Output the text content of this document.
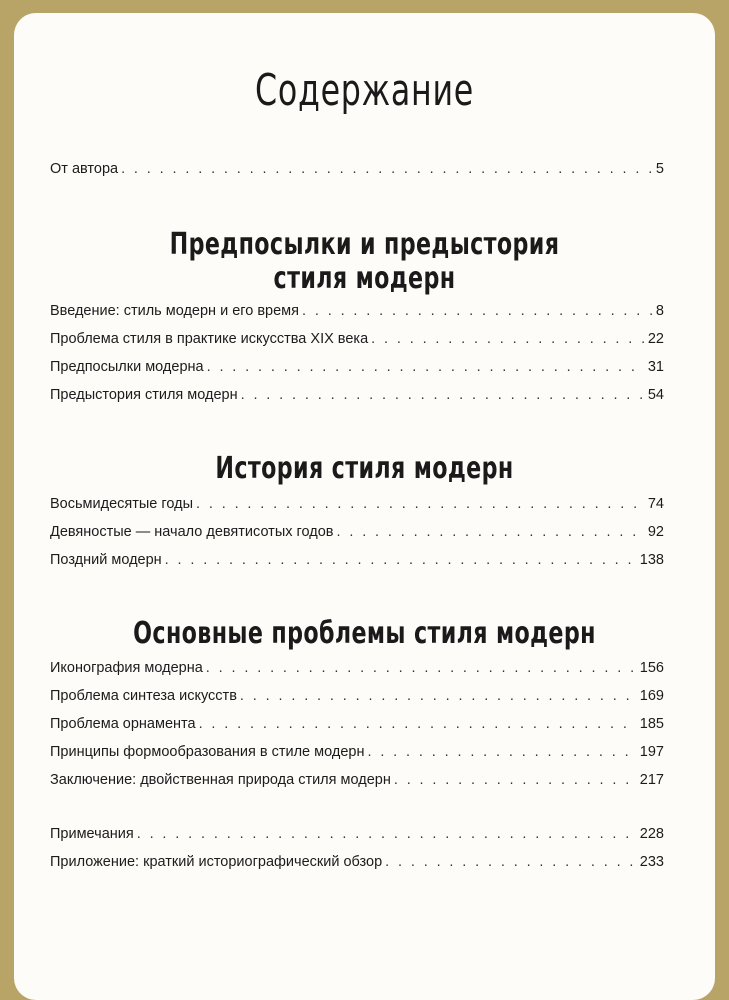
Содержание
От автора . . .	5
Предпосылки и предыстория
стиля модерн
Введение: стиль модерн и его время . . .	8
Проблема стиля в практике искусства XIX века . . .	22
Предпосылки модерна . . .	31
Предыстория стиля модерн . . .	54
История стиля модерн
Восьмидесятые годы . . .	74
Девяностые — начало девятисотых годов . . .	92
Поздний модерн . . .	138
Основные проблемы стиля модерн
Иконография модерна . . .	156
Проблема синтеза искусств . . .	169
Проблема орнамента . . .	185
Принципы формообразования в стиле модерн . . .	197
Заключение: двойственная природа стиля модерн . . .	217
Примечания . . .	228
Приложение: краткий историографический обзор . . .	233
